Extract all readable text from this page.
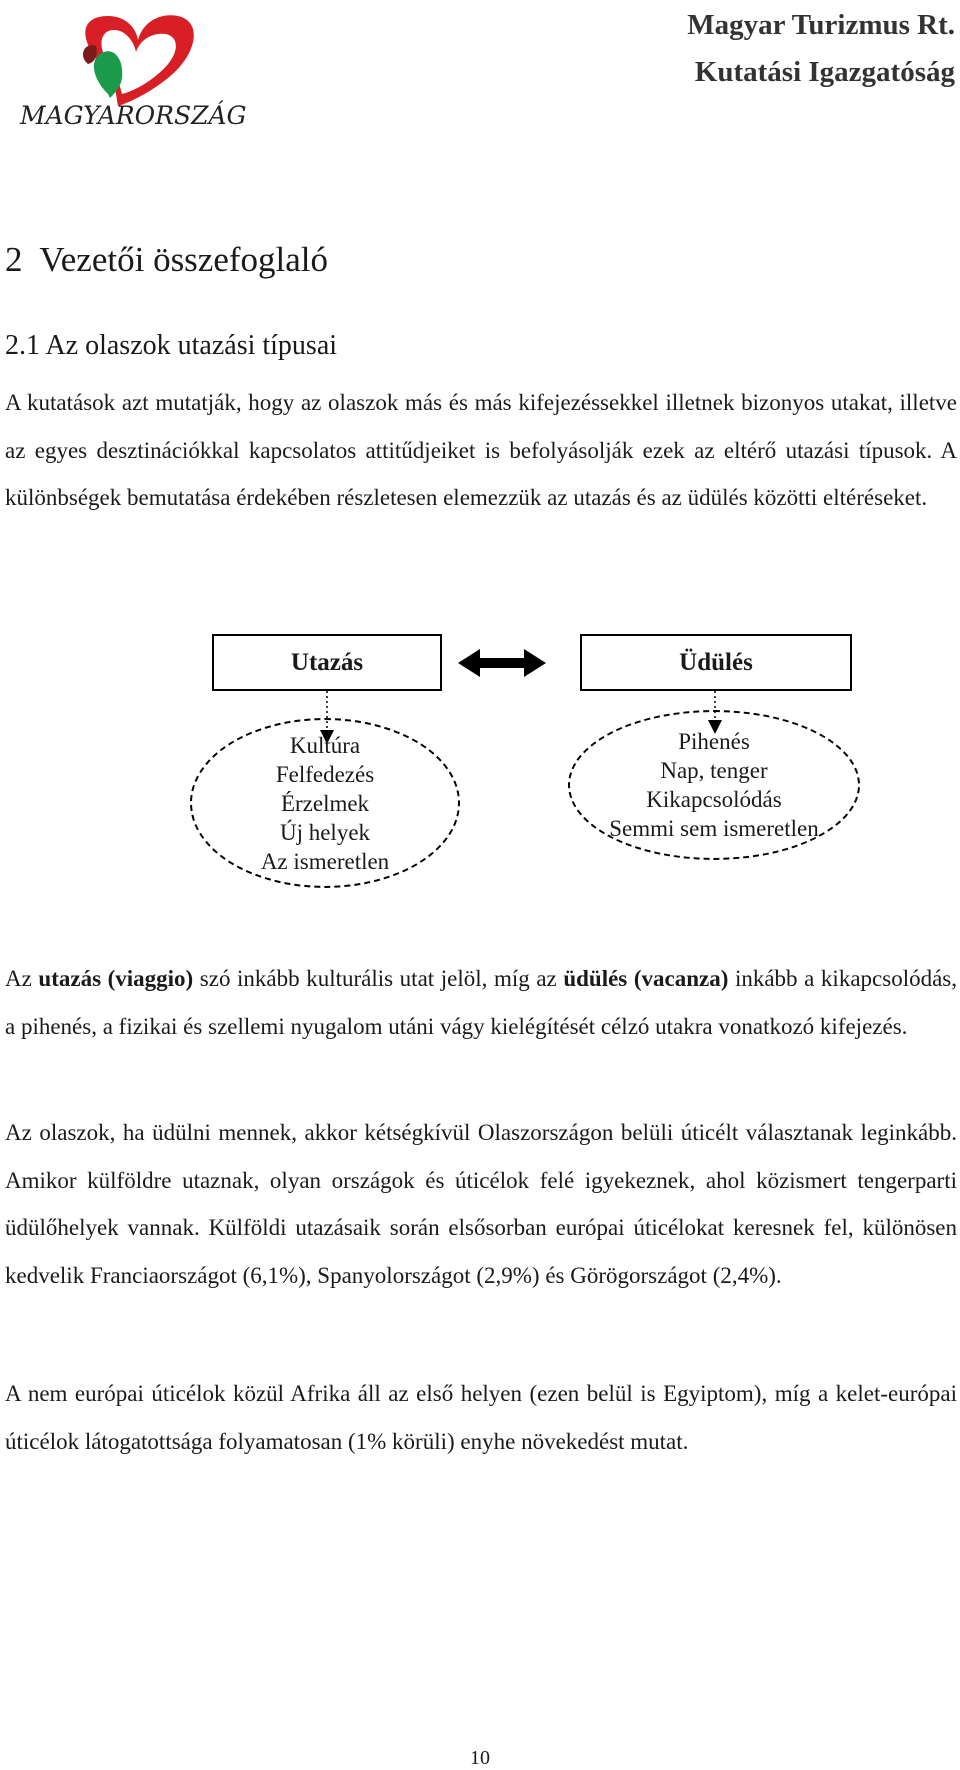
MAGYARORSZÁG
Magyar Turizmus Rt.
Kutatási Igazgatóság
2  Vezetői összefoglaló
2.1 Az olaszok utazási típusai

A kutatások azt mutatják, hogy az olaszok más és más kifejezéssekkel illetnek bizonyos utakat, illetve az egyes desztinációkkal kapcsolatos attitűdjeiket is befolyásolják ezek az eltérő utazási típusok. A különbségek bemutatása érdekében részletesen elemezzük az utazás és az üdülés közötti eltéréseket.

Utazás	Üdülés
Kultúra
Felfedezés
Érzelmek
Új helyek
Az ismeretlen
Pihenés
Nap, tenger
Kikapcsolódás
Semmi sem ismeretlen

Az utazás (viaggio) szó inkább kulturális utat jelöl, míg az üdülés (vacanza) inkább a kikapcsolódás, a pihenés, a fizikai és szellemi nyugalom utáni vágy kielégítését célzó utakra vonatkozó kifejezés.

Az olaszok, ha üdülni mennek, akkor kétségkívül Olaszországon belüli úticélt választanak leginkább. Amikor külföldre utaznak, olyan országok és úticélok felé igyekeznek, ahol közismert tengerparti üdülőhelyek vannak. Külföldi utazásaik során elsősorban európai úticélokat keresnek fel, különösen kedvelik Franciaországot (6,1%), Spanyolországot (2,9%) és Görögországot (2,4%).

A nem európai úticélok közül Afrika áll az első helyen (ezen belül is Egyiptom), míg a kelet-európai úticélok látogatottsága folyamatosan (1% körüli) enyhe növekedést mutat.

10
